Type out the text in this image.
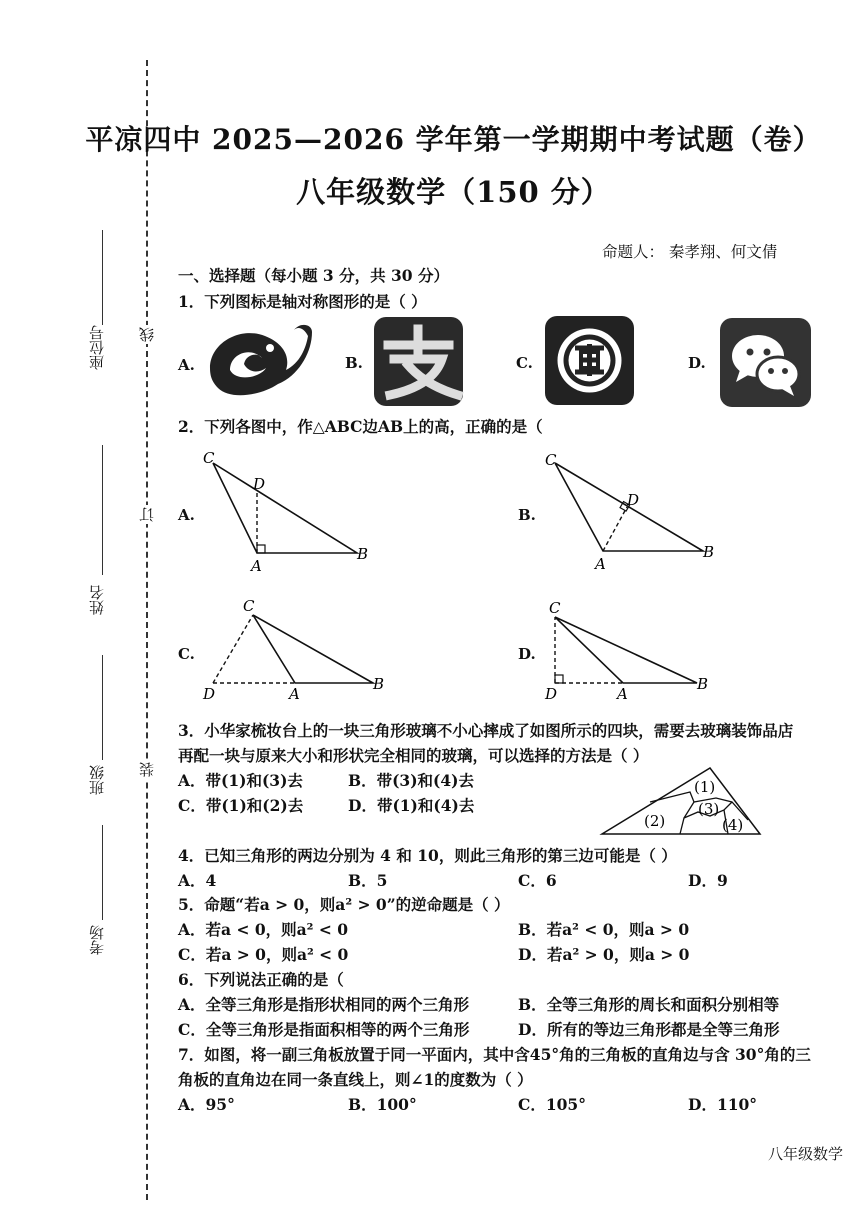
座位号
姓名
班级
考场
线
订
装
平凉四中 2025—2026 学年第一学期期中考试题（卷）
八年级数学（150 分）
命题人： 秦孝翔、何文倩
一、选择题（每小题 3 分，共 30 分）
1．下列图标是轴对称图形的是（ ）
A.	B.	C.	D.
2．下列各图中，作△ABC边AB上的高，正确的是（
A.
C
D
A
B
B.
C
D
A
B
C.
C
D	A
B
D.
C
D	A
B
3．小华家梳妆台上的一块三角形玻璃不小心摔成了如图所示的四块，需要去玻璃装饰品店
再配一块与原来大小和形状完全相同的玻璃，可以选择的方法是（ ）
A．带(1)和(3)去	B．带(3)和(4)去
C．带(1)和(2)去	D．带(1)和(4)去
(1)
(2)
(3)
(4)
4．已知三角形的两边分别为 4 和 10，则此三角形的第三边可能是（ ）
A．4	B．5	C．6	D．9
5．命题“若a > 0，则a² > 0”的逆命题是（ ）
A．若a < 0，则a² < 0	B．若a² < 0，则a > 0
C．若a > 0，则a² < 0	D．若a² > 0，则a > 0
6．下列说法正确的是（
A．全等三角形是指形状相同的两个三角形	B．全等三角形的周长和面积分别相等
C．全等三角形是指面积相等的两个三角形	D．所有的等边三角形都是全等三角形
7．如图，将一副三角板放置于同一平面内，其中含45°角的三角板的直角边与含 30°角的三
角板的直角边在同一条直线上，则∠1的度数为（ ）
A．95°	B．100°	C．105°	D．110°
八年级数学
